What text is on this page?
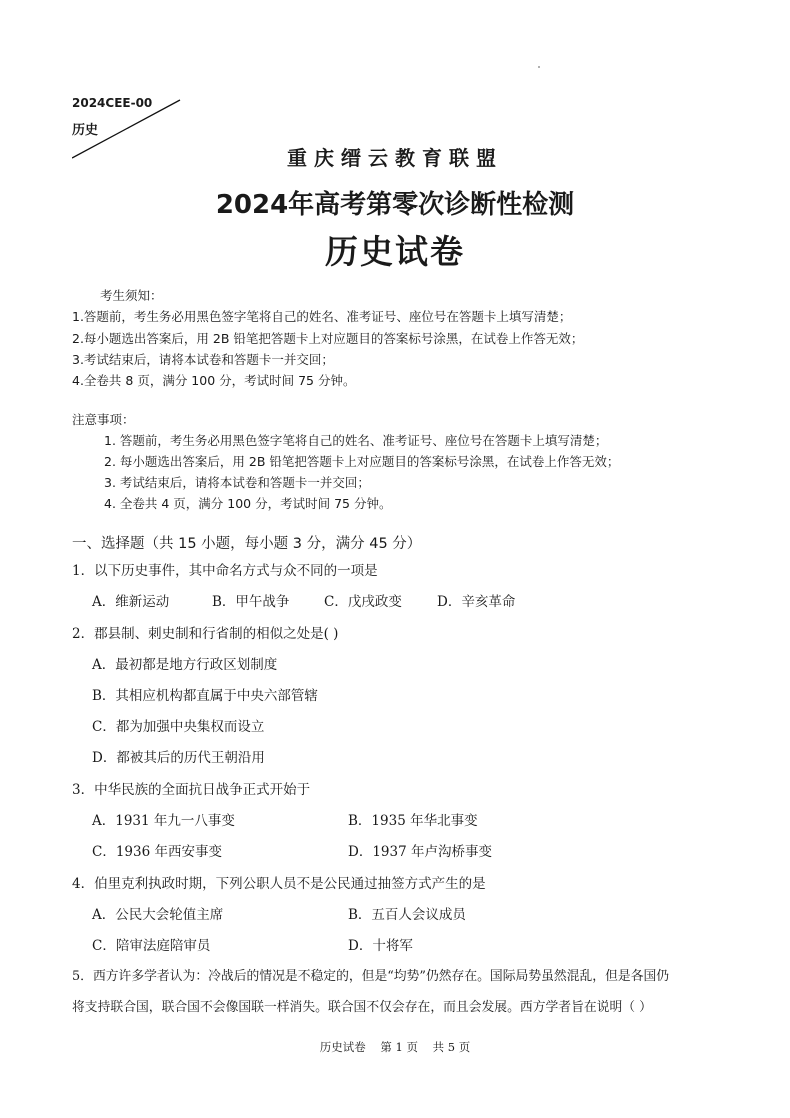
2024CEE-00
历史
重庆缙云教育联盟
2024年高考第零次诊断性检测
历史试卷
考生须知：
1.答题前，考生务必用黑色签字笔将自己的姓名、准考证号、座位号在答题卡上填写清楚；
2.每小题选出答案后，用 2B 铅笔把答题卡上对应题目的答案标号涂黑，在试卷上作答无效；
3.考试结束后，请将本试卷和答题卡一并交回；
4.全卷共 8 页，满分 100 分，考试时间 75 分钟。
注意事项：
1. 答题前，考生务必用黑色签字笔将自己的姓名、准考证号、座位号在答题卡上填写清楚；
2. 每小题选出答案后，用 2B 铅笔把答题卡上对应题目的答案标号涂黑，在试卷上作答无效；
3. 考试结束后，请将本试卷和答题卡一并交回；
4. 全卷共 4 页，满分 100 分，考试时间 75 分钟。
一、选择题（共 15 小题，每小题 3 分，满分 45 分）
1．以下历史事件，其中命名方式与众不同的一项是
A．维新运动	B．甲午战争	C．戊戌政变	D．辛亥革命
2．郡县制、刺史制和行省制的相似之处是( )
A．最初都是地方行政区划制度
B．其相应机构都直属于中央六部管辖
C．都为加强中央集权而设立
D．都被其后的历代王朝沿用
3．中华民族的全面抗日战争正式开始于
A．1931 年九一八事变	B．1935 年华北事变
C．1936 年西安事变	D．1937 年卢沟桥事变
4．伯里克利执政时期，下列公职人员不是公民通过抽签方式产生的是
A．公民大会轮值主席	B．五百人会议成员
C．陪审法庭陪审员	D．十将军
5．西方许多学者认为：冷战后的情况是不稳定的，但是“均势”仍然存在。国际局势虽然混乱，但是各国仍
将支持联合国，联合国不会像国联一样消失。联合国不仅会存在，而且会发展。西方学者旨在说明（ ）
历史试卷    第 1 页    共 5 页
